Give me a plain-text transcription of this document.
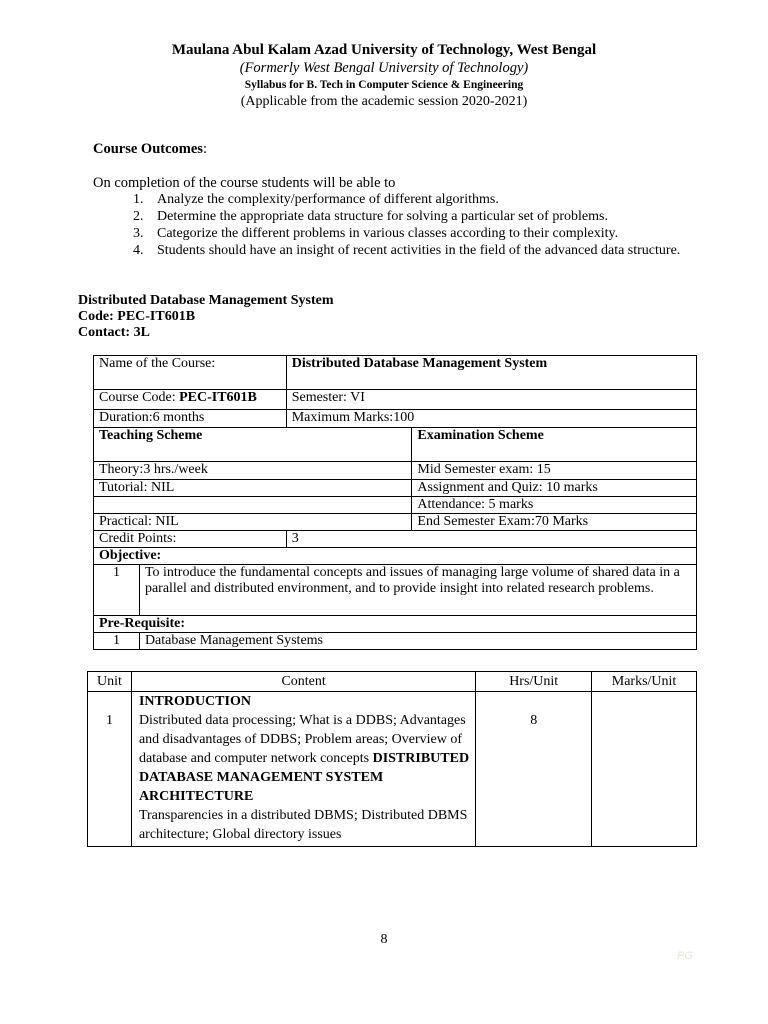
Maulana Abul Kalam Azad University of Technology, West Bengal
(Formerly West Bengal University of Technology)
Syllabus for B. Tech in Computer Science & Engineering
(Applicable from the academic session 2020-2021)
Course Outcomes:
On completion of the course students will be able to
1. Analyze the complexity/performance of different algorithms.
2. Determine the appropriate data structure for solving a particular set of problems.
3. Categorize the different problems in various classes according to their complexity.
4. Students should have an insight of recent activities in the field of the advanced data structure.
Distributed Database Management System
Code: PEC-IT601B
Contact: 3L
Name of the Course:		Distributed Database Management System	
Course Code: PEC-IT601B		Semester: VI	
Duration:6 months		Maximum Marks:100	
Teaching Scheme			Examination Scheme
Theory:3 hrs./week			Mid Semester exam: 15
Tutorial: NIL			Assignment and Quiz: 10 marks
			Attendance: 5 marks
Practical: NIL			End Semester Exam:70 Marks
Credit Points:		3	
Objective:			
1	To introduce the fundamental concepts and issues of managing large volume of shared data in a parallel and distributed environment, and to provide insight into related research problems.		
Pre-Requisite:			
1	Database Management Systems		
Unit	Content	Hrs/Unit	Marks/Unit
1	INTRODUCTION
Distributed data processing; What is a DDBS; Advantages and disadvantages of DDBS; Problem areas; Overview of database and computer network concepts DISTRIBUTED DATABASE MANAGEMENT SYSTEM ARCHITECTURE
Transparencies in a distributed DBMS; Distributed DBMS architecture; Global directory issues	8	
8
PG
